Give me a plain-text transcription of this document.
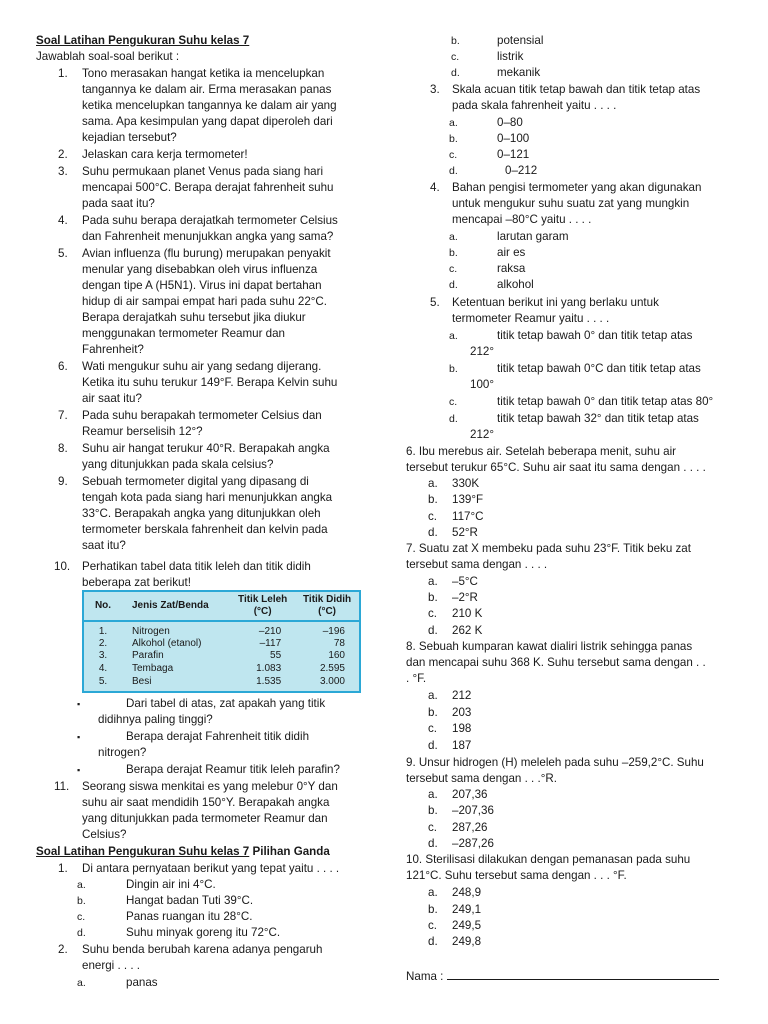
Soal Latihan Pengukuran Suhu kelas 7
Jawablah soal-soal berikut :
1. Tono merasakan hangat ketika ia mencelupkan
tangannya ke dalam air. Erma merasakan panas
ketika mencelupkan tangannya ke dalam air yang
sama. Apa kesimpulan yang dapat diperoleh dari
kejadian tersebut?
2. Jelaskan cara kerja termometer!
3. Suhu permukaan planet Venus pada siang hari
mencapai 500°C. Berapa derajat fahrenheit suhu
pada saat itu?
4. Pada suhu berapa derajatkah termometer Celsius
dan Fahrenheit menunjukkan angka yang sama?
5. Avian influenza (flu burung) merupakan penyakit
menular yang disebabkan oleh virus influenza
dengan tipe A (H5N1). Virus ini dapat bertahan
hidup di air sampai empat hari pada suhu 22°C.
Berapa derajatkah suhu tersebut jika diukur
menggunakan termometer Reamur dan
Fahrenheit?
6. Wati mengukur suhu air yang sedang dijerang.
Ketika itu suhu terukur 149°F. Berapa Kelvin suhu
air saat itu?
7. Pada suhu berapakah termometer Celsius dan
Reamur berselisih 12°?
8. Suhu air hangat terukur 40°R. Berapakah angka
yang ditunjukkan pada skala celsius?
9. Sebuah termometer digital yang dipasang di
tengah kota pada siang hari menunjukkan angka
33°C. Berapakah angka yang ditunjukkan oleh
termometer berskala fahrenheit dan kelvin pada
saat itu?
10. Perhatikan tabel data titik leleh dan titik didih
beberapa zat berikut!
No.	Jenis Zat/Benda	Titik Leleh
(°C)	Titik Didih
(°C)
1.	Nitrogen	–210	–196
2.	Alkohol (etanol)	–117	78
3.	Parafin	55	160
4.	Tembaga	1.083	2.595
5.	Besi	1.535	3.000
▪	Dari tabel di atas, zat apakah yang titik
didihnya paling tinggi?
▪	Berapa derajat Fahrenheit titik didih
nitrogen?
▪	Berapa derajat Reamur titik leleh parafin?
11. Seorang siswa menkitai es yang melebur 0°Y dan
suhu air saat mendidih 150°Y. Berapakah angka
yang ditunjukkan pada termometer Reamur dan
Celsius?
Soal Latihan Pengukuran Suhu kelas 7 Pilihan Ganda
1. Di antara pernyataan berikut yang tepat yaitu . . . .
a.	Dingin air ini 4°C.
b.	Hangat badan Tuti 39°C.
c.	Panas ruangan itu 28°C.
d.	Suhu minyak goreng itu 72°C.
2. Suhu benda berubah karena adanya pengaruh
energi . . . .
a.	panas
b.	potensial
c.	listrik
d.	mekanik
3. Skala acuan titik tetap bawah dan titik tetap atas
pada skala fahrenheit yaitu . . . .
a.	0–80
b.	0–100
c.	0–121
d.	0–212
4. Bahan pengisi termometer yang akan digunakan
untuk mengukur suhu suatu zat yang mungkin
mencapai –80°C yaitu . . . .
a.	larutan garam
b.	air es
c.	raksa
d.	alkohol
5. Ketentuan berikut ini yang berlaku untuk
termometer Reamur yaitu . . . .
a.	titik tetap bawah 0° dan titik tetap atas
212°
b.	titik tetap bawah 0°C dan titik tetap atas
100°
c.	titik tetap bawah 0° dan titik tetap atas 80°
d.	titik tetap bawah 32° dan titik tetap atas
212°
6. Ibu merebus air. Setelah beberapa menit, suhu air
tersebut terukur 65°C. Suhu air saat itu sama dengan . . . .
a. 330K
b. 139°F
c. 117°C
d. 52°R
7. Suatu zat X membeku pada suhu 23°F. Titik beku zat
tersebut sama dengan . . . .
a. –5°C
b. –2°R
c. 210 K
d. 262 K
8. Sebuah kumparan kawat dialiri listrik sehingga panas
dan mencapai suhu 368 K. Suhu tersebut sama dengan . .
. °F.
a. 212
b. 203
c. 198
d. 187
9. Unsur hidrogen (H) meleleh pada suhu –259,2°C. Suhu
tersebut sama dengan . . .°R.
a. 207,36
b. –207,36
c. 287,26
d. –287,26
10. Sterilisasi dilakukan dengan pemanasan pada suhu
121°C. Suhu tersebut sama dengan . . . °F.
a. 248,9
b. 249,1
c. 249,5
d. 249,8
Nama :
